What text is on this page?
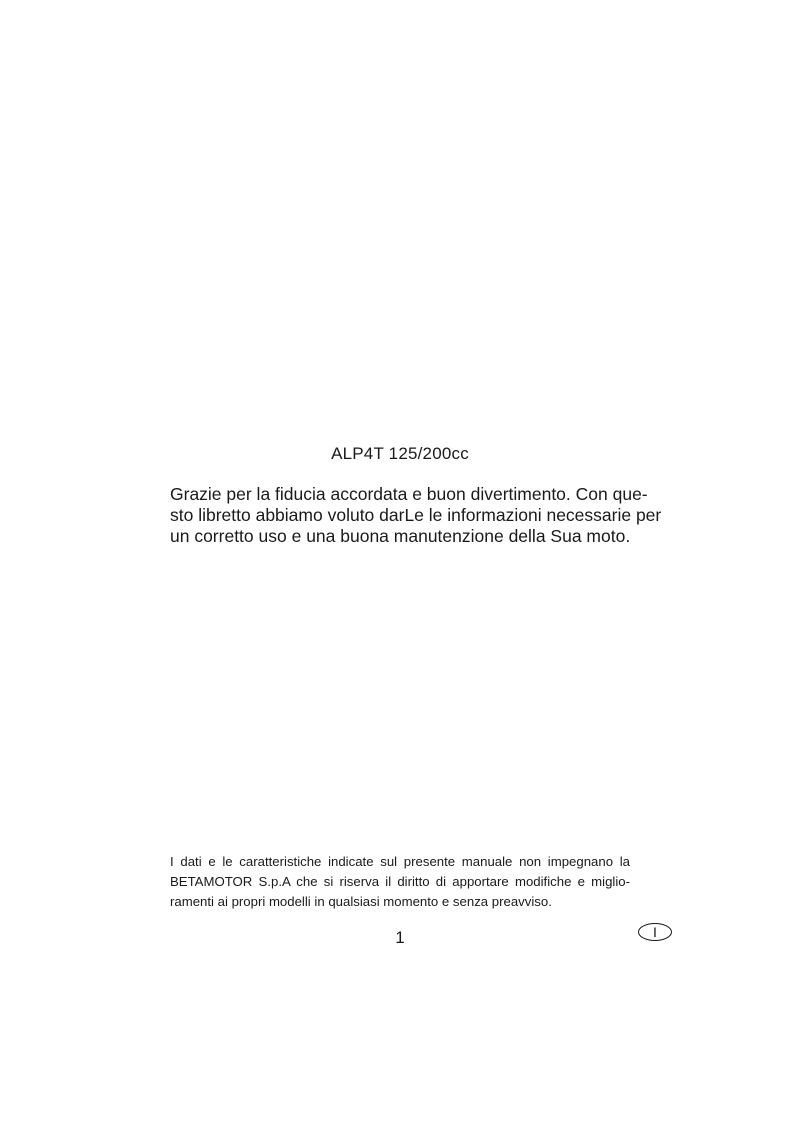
ALP4T 125/200cc

Grazie per la fiducia accordata e buon divertimento. Con que-
sto libretto abbiamo voluto darLe le informazioni necessarie per
un corretto uso e una buona manutenzione della Sua moto.

I dati e le caratteristiche indicate sul presente manuale non impegnano la
BETAMOTOR S.p.A che si riserva il diritto di apportare modifiche e miglio-
ramenti ai propri modelli in qualsiasi momento e senza preavviso.

1	I
